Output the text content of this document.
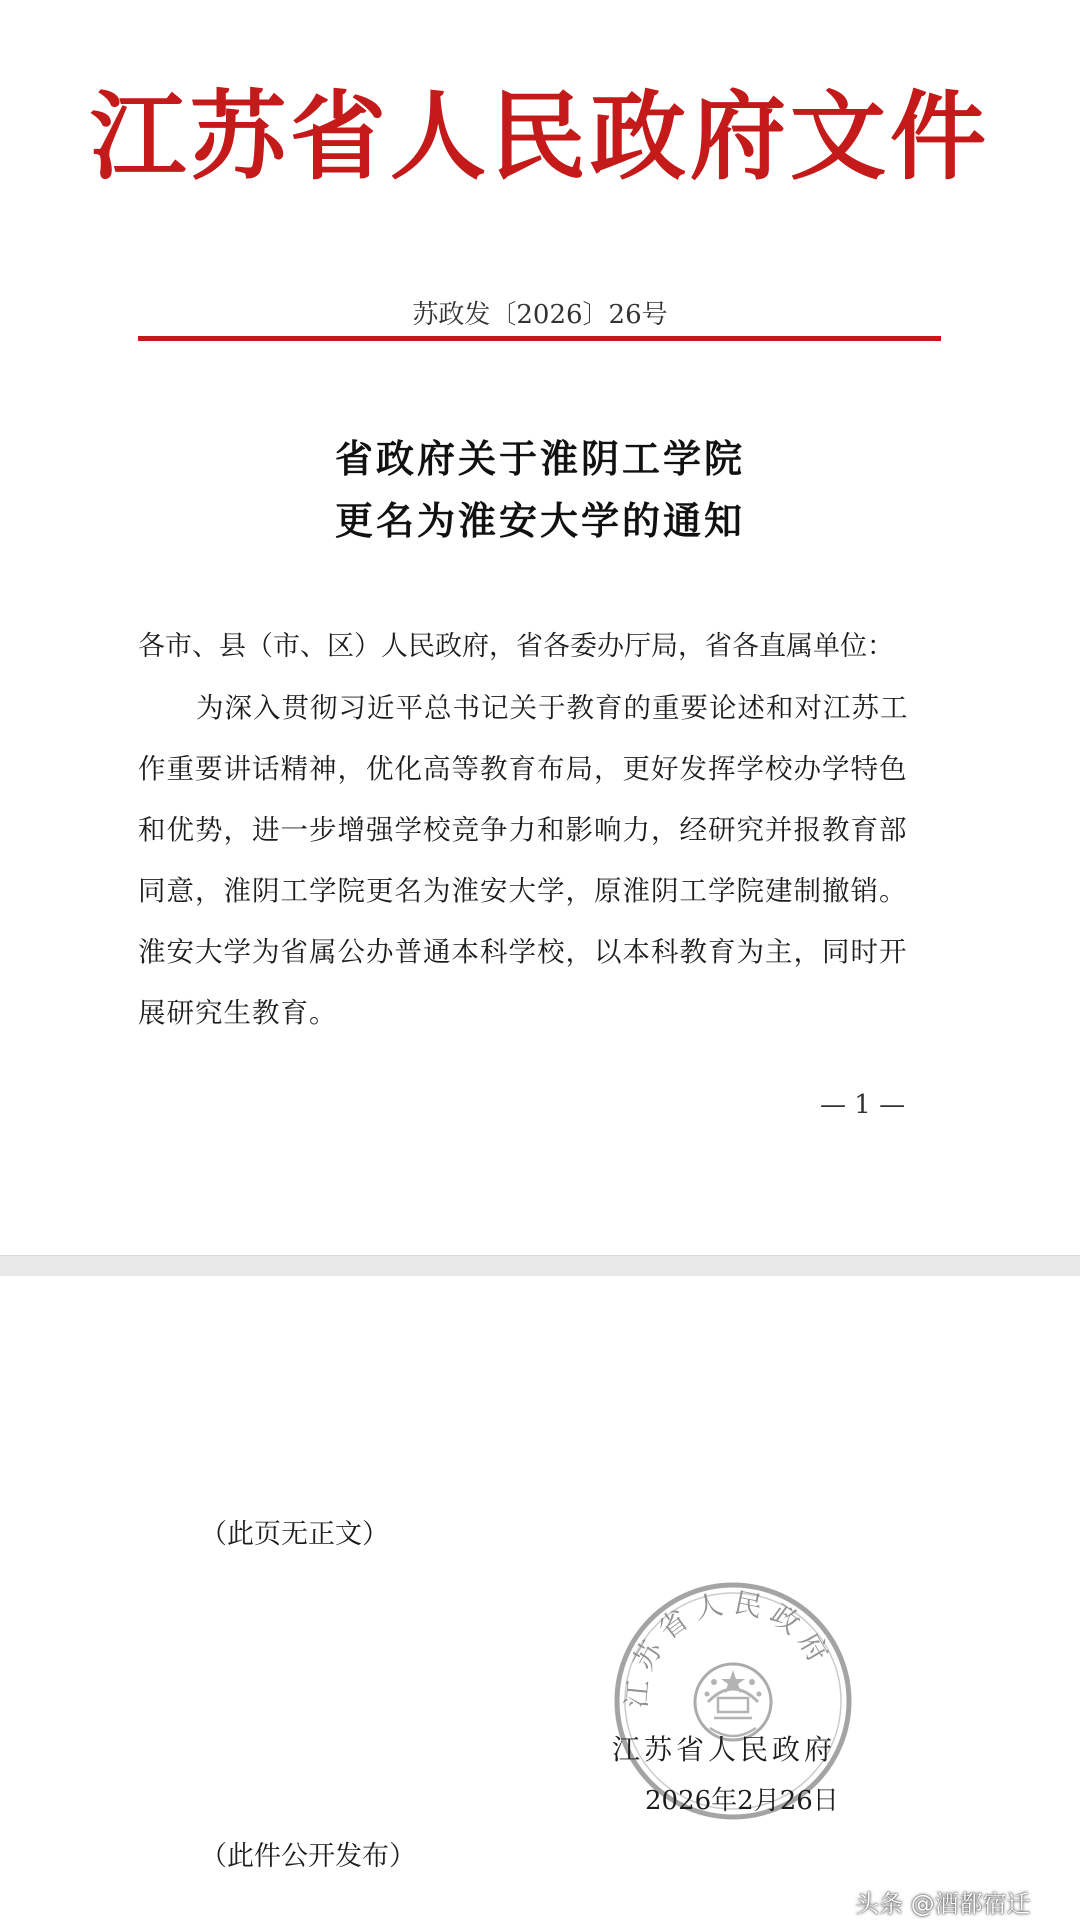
江苏省人民政府文件
苏政发〔2026〕26号
省政府关于淮阴工学院
更名为淮安大学的通知
各市、县（市、区）人民政府，省各委办厅局，省各直属单位：
为深入贯彻习近平总书记关于教育的重要论述和对江苏工
作重要讲话精神，优化高等教育布局，更好发挥学校办学特色
和优势，进一步增强学校竞争力和影响力，经研究并报教育部
同意，淮阴工学院更名为淮安大学，原淮阴工学院建制撤销。
淮安大学为省属公办普通本科学校，以本科教育为主，同时开
展研究生教育。
— 1 —
（此页无正文）
江苏省人民政府
江苏省人民政府
2026年2月26日
（此件公开发布）
头条 @酒都宿迁
